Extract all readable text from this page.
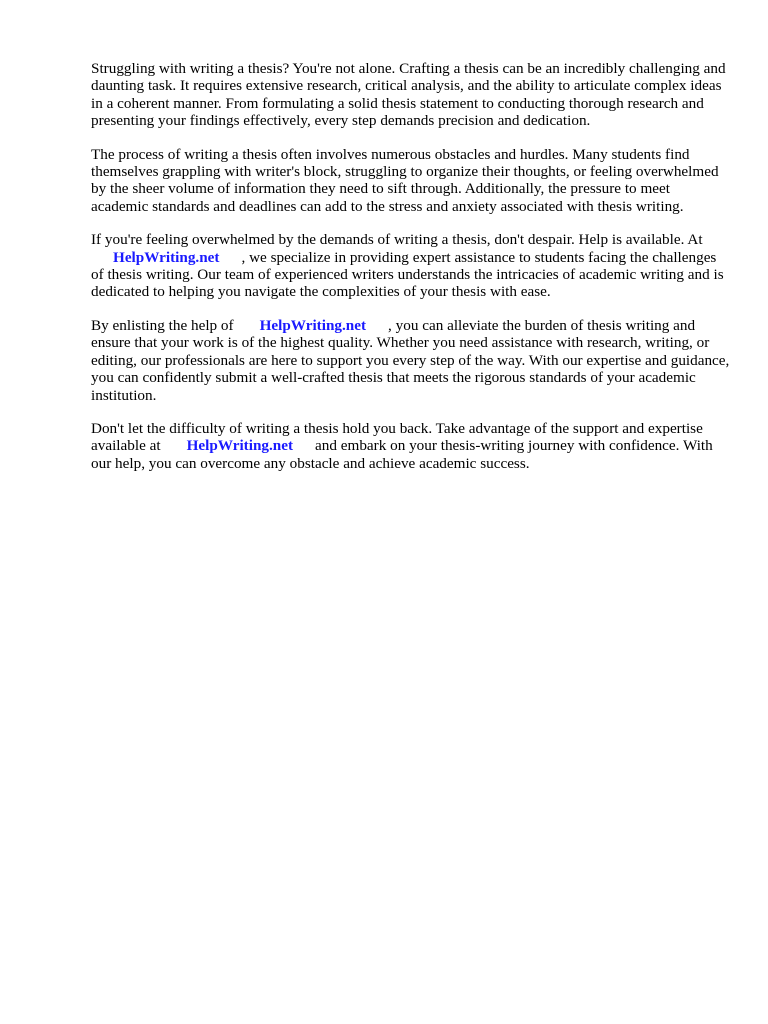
Struggling with writing a thesis? You're not alone. Crafting a thesis can be an incredibly challenging and daunting task. It requires extensive research, critical analysis, and the ability to articulate complex ideas in a coherent manner. From formulating a solid thesis statement to conducting thorough research and presenting your findings effectively, every step demands precision and dedication.

The process of writing a thesis often involves numerous obstacles and hurdles. Many students find themselves grappling with writer's block, struggling to organize their thoughts, or feeling overwhelmed by the sheer volume of information they need to sift through. Additionally, the pressure to meet academic standards and deadlines can add to the stress and anxiety associated with thesis writing.

If you're feeling overwhelmed by the demands of writing a thesis, don't despair. Help is available. At
HelpWriting.net , we specialize in providing expert assistance to students facing the challenges of thesis writing. Our team of experienced writers understands the intricacies of academic writing and is dedicated to helping you navigate the complexities of your thesis with ease.

By enlisting the help of HelpWriting.net , you can alleviate the burden of thesis writing and ensure that your work is of the highest quality. Whether you need assistance with research, writing, or editing, our professionals are here to support you every step of the way. With our expertise and guidance, you can confidently submit a well-crafted thesis that meets the rigorous standards of your academic institution.

Don't let the difficulty of writing a thesis hold you back. Take advantage of the support and expertise available at HelpWriting.net and embark on your thesis-writing journey with confidence. With our help, you can overcome any obstacle and achieve academic success.
